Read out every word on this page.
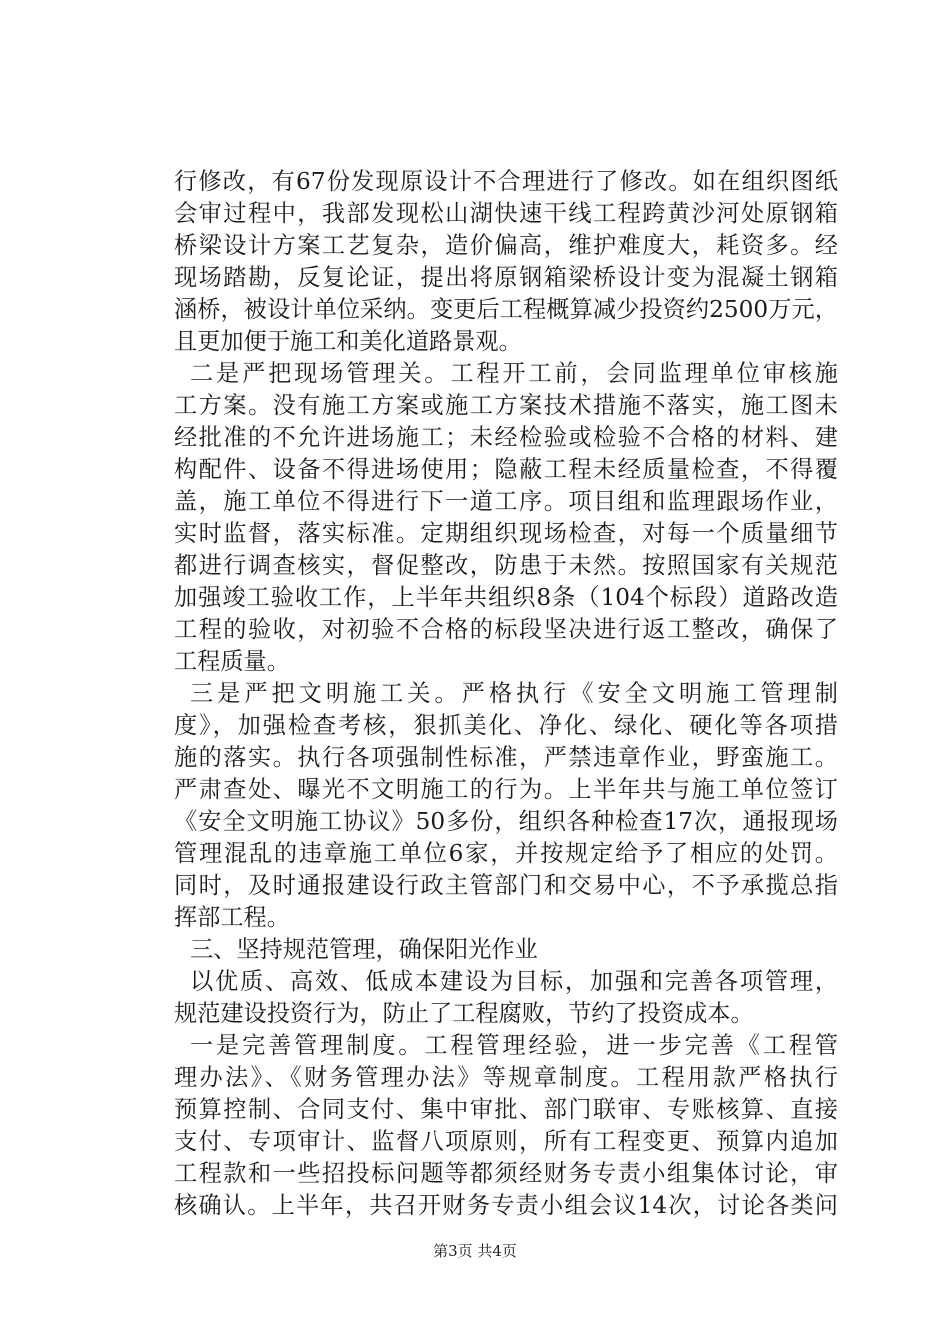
行修改，有67份发现原设计不合理进行了修改。如在组织图纸
会审过程中，我部发现松山湖快速干线工程跨黄沙河处原钢箱
桥梁设计方案工艺复杂，造价偏高，维护难度大，耗资多。经
现场踏勘，反复论证，提出将原钢箱梁桥设计变为混凝土钢箱
涵桥，被设计单位采纳。变更后工程概算减少投资约2500万元，
且更加便于施工和美化道路景观。
二是严把现场管理关。工程开工前，会同监理单位审核施
工方案。没有施工方案或施工方案技术措施不落实，施工图未
经批准的不允许进场施工；未经检验或检验不合格的材料、建
构配件、设备不得进场使用；隐蔽工程未经质量检查，不得覆
盖，施工单位不得进行下一道工序。项目组和监理跟场作业，
实时监督，落实标准。定期组织现场检查，对每一个质量细节
都进行调查核实，督促整改，防患于未然。按照国家有关规范
加强竣工验收工作，上半年共组织8条（104个标段）道路改造
工程的验收，对初验不合格的标段坚决进行返工整改，确保了
工程质量。
三是严把文明施工关。严格执行《安全文明施工管理制
度》，加强检查考核，狠抓美化、净化、绿化、硬化等各项措
施的落实。执行各项强制性标准，严禁违章作业，野蛮施工。
严肃查处、曝光不文明施工的行为。上半年共与施工单位签订
《安全文明施工协议》50多份，组织各种检查17次，通报现场
管理混乱的违章施工单位6家，并按规定给予了相应的处罚。
同时，及时通报建设行政主管部门和交易中心，不予承揽总指
挥部工程。
三、坚持规范管理，确保阳光作业
以优质、高效、低成本建设为目标，加强和完善各项管理，
规范建设投资行为，防止了工程腐败，节约了投资成本。
一是完善管理制度。工程管理经验，进一步完善《工程管
理办法》、《财务管理办法》等规章制度。工程用款严格执行
预算控制、合同支付、集中审批、部门联审、专账核算、直接
支付、专项审计、监督八项原则，所有工程变更、预算内追加
工程款和一些招投标问题等都须经财务专责小组集体讨论，审
核确认。上半年，共召开财务专责小组会议14次，讨论各类问
第3页 共4页
